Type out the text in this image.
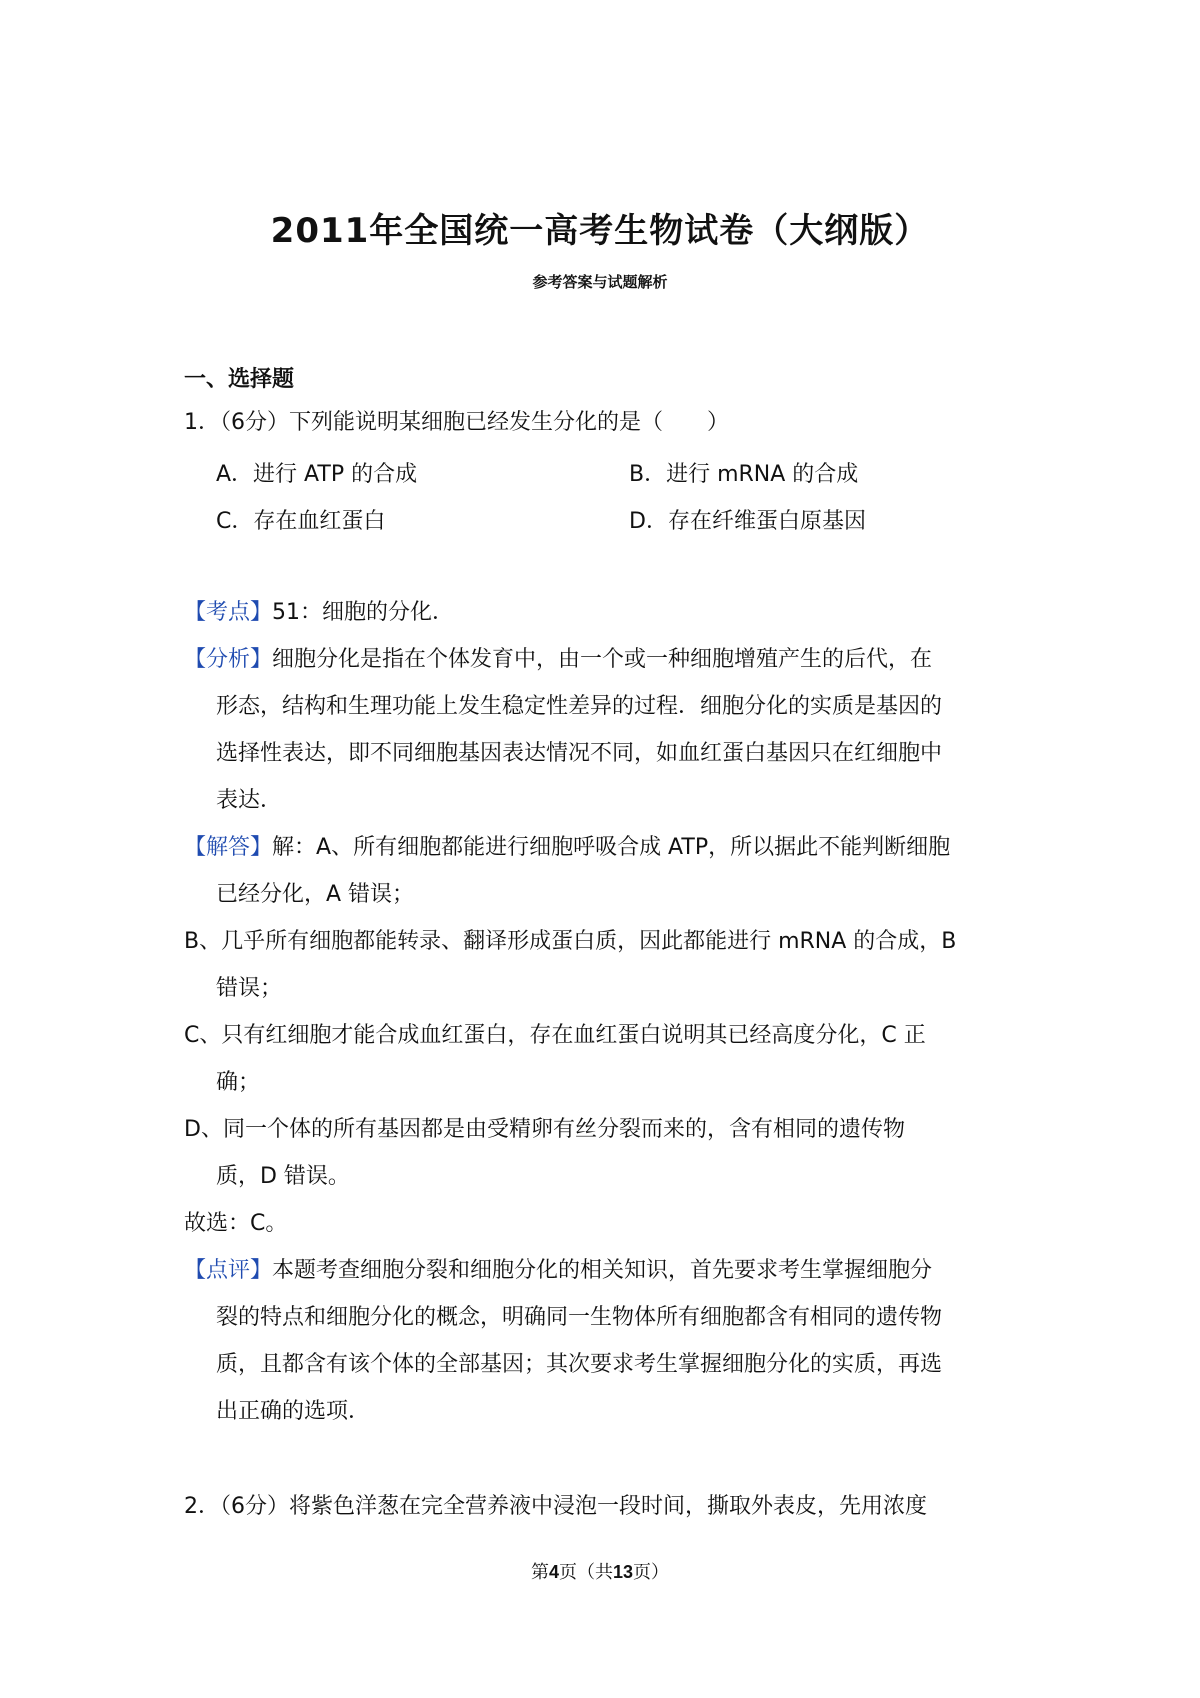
2011年全国统一高考生物试卷（大纲版）
参考答案与试题解析
一、选择题
1．（6分）下列能说明某细胞已经发生分化的是（　　）
A．进行 ATP 的合成	B．进行 mRNA 的合成
C．存在血红蛋白	D．存在纤维蛋白原基因
【考点】51：细胞的分化．
【分析】细胞分化是指在个体发育中，由一个或一种细胞增殖产生的后代，在
形态，结构和生理功能上发生稳定性差异的过程．细胞分化的实质是基因的
选择性表达，即不同细胞基因表达情况不同，如血红蛋白基因只在红细胞中
表达．
【解答】解：A、所有细胞都能进行细胞呼吸合成 ATP，所以据此不能判断细胞
已经分化，A 错误；
B、几乎所有细胞都能转录、翻译形成蛋白质，因此都能进行 mRNA 的合成，B
错误；
C、只有红细胞才能合成血红蛋白，存在血红蛋白说明其已经高度分化，C 正
确；
D、同一个体的所有基因都是由受精卵有丝分裂而来的，含有相同的遗传物
质，D 错误。
故选：C。
【点评】本题考查细胞分裂和细胞分化的相关知识，首先要求考生掌握细胞分
裂的特点和细胞分化的概念，明确同一生物体所有细胞都含有相同的遗传物
质，且都含有该个体的全部基因；其次要求考生掌握细胞分化的实质，再选
出正确的选项．
2．（6分）将紫色洋葱在完全营养液中浸泡一段时间，撕取外表皮，先用浓度
第4页（共13页）
